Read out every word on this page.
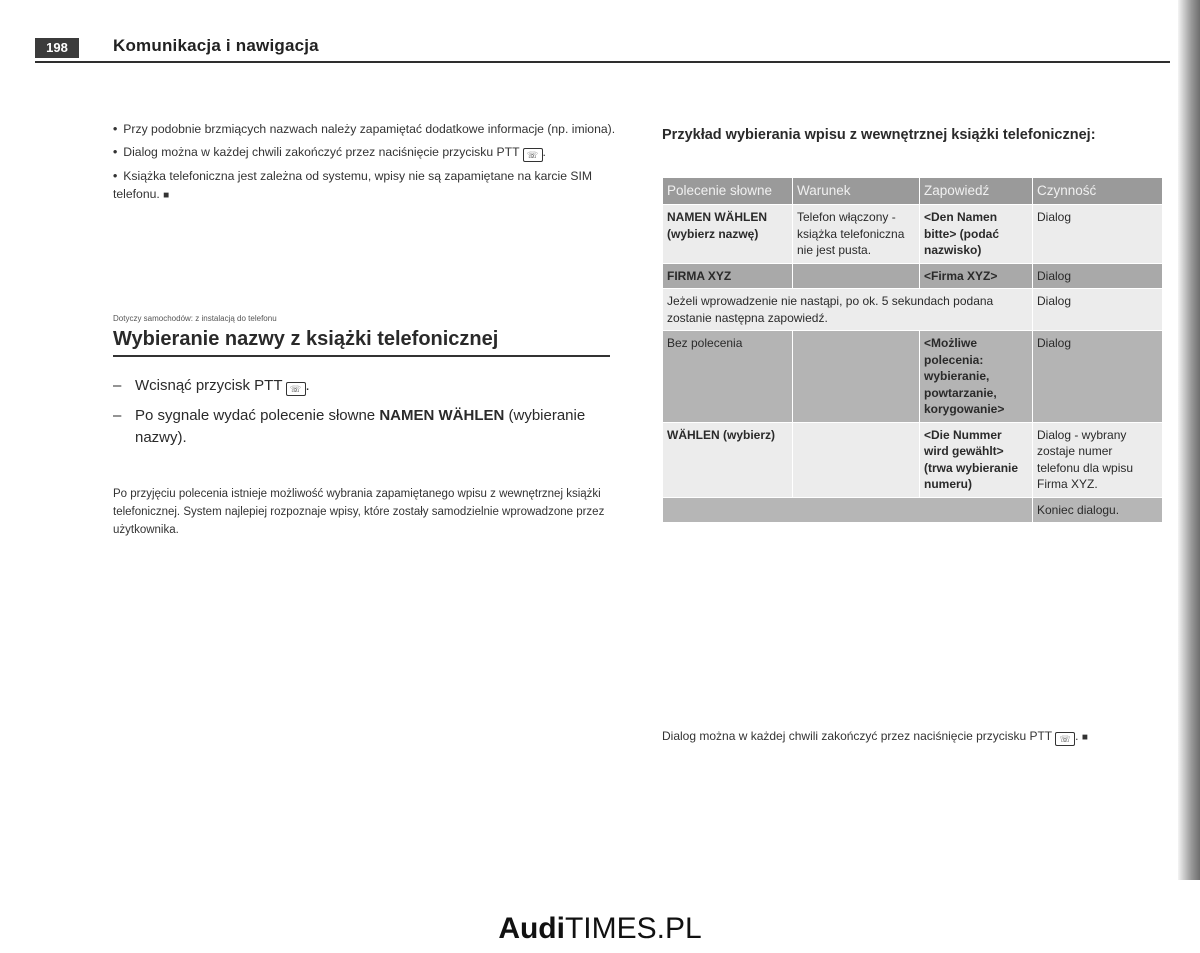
198	Komunikacja i nawigacja
• Przy podobnie brzmiących nazwach należy zapamiętać dodatkowe informacje (np. imiona).
• Dialog można w każdej chwili zakończyć przez naciśnięcie przycisku PTT ☏ .
• Książka telefoniczna jest zależna od systemu, wpisy nie są zapamiętane na karcie SIM telefonu. ■
Dotyczy samochodów: z instalacją do telefonu
Wybieranie nazwy z książki telefonicznej
– Wcisnąć przycisk PTT ☏ .
– Po sygnale wydać polecenie słowne NAMEN WÄHLEN (wybieranie nazwy).
Po przyjęciu polecenia istnieje możliwość wybrania zapamiętanego wpisu z wewnętrznej książki telefonicznej. System najlepiej rozpoznaje wpisy, które zostały samodzielnie wprowadzone przez użytkownika.
Przykład wybierania wpisu z wewnętrznej książki telefonicznej:
Polecenie słowne	Warunek	Zapowiedź	Czynność
NAMEN WÄHLEN (wybierz nazwę)	Telefon włączony - książka telefoniczna nie jest pusta.	<Den Namen bitte> (podać nazwisko)	Dialog
FIRMA XYZ		<Firma XYZ>	Dialog
Jeżeli wprowadzenie nie nastąpi, po ok. 5 sekundach podana zostanie następna zapowiedź.			Dialog
Bez polecenia		<Możliwe polecenia: wybieranie, powtarzanie, korygowanie>	Dialog
WÄHLEN (wybierz)		<Die Nummer wird gewählt> (trwa wybieranie numeru)	Dialog - wybrany zostaje numer telefonu dla wpisu Firma XYZ.
			Koniec dialogu.
Dialog można w każdej chwili zakończyć przez naciśnięcie przycisku PTT ☏ . ■
AudiTIMES.PL
